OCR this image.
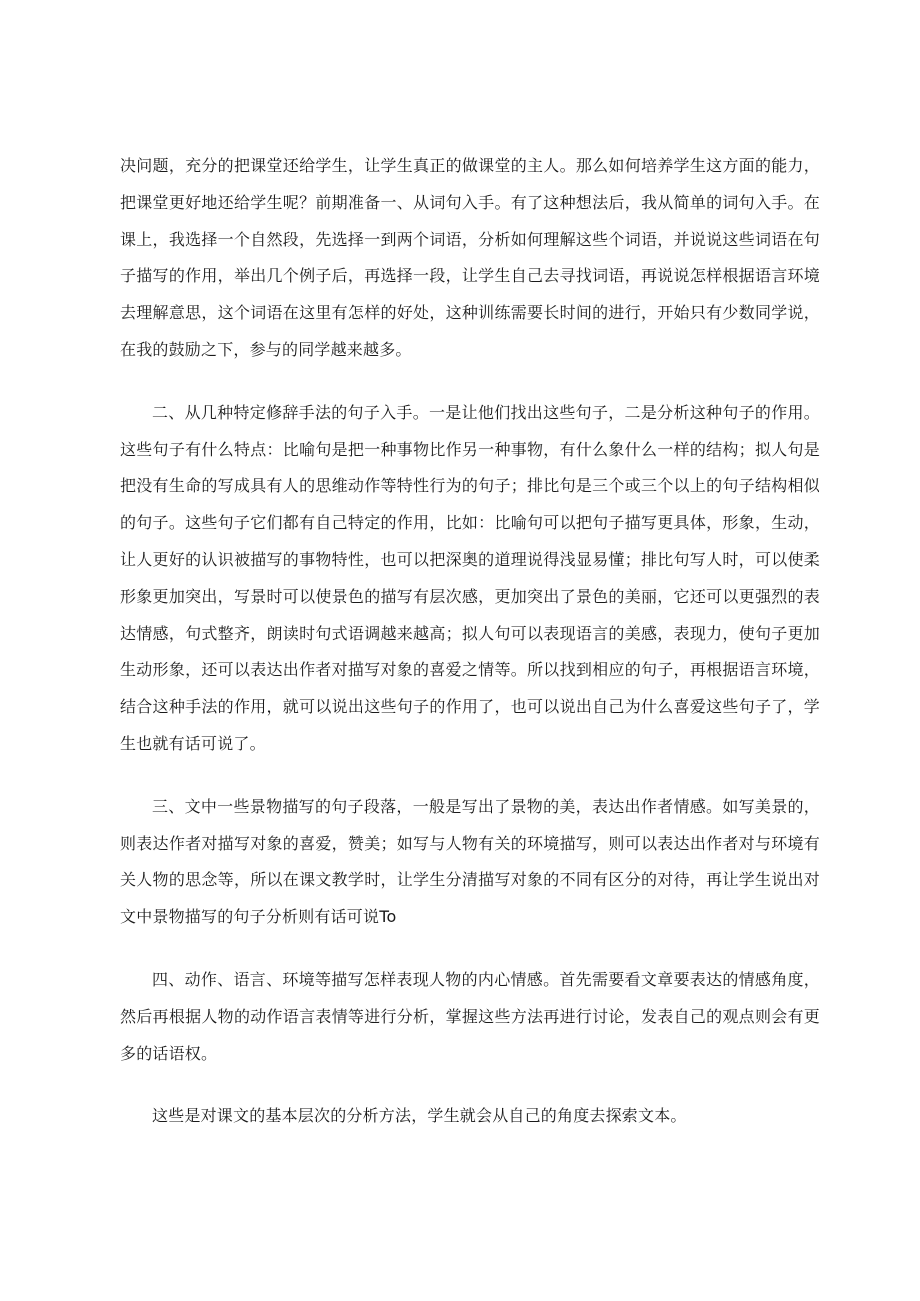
决问题，充分的把课堂还给学生，让学生真正的做课堂的主人。那么如何培养学生这方面的能力，把课堂更好地还给学生呢？前期准备一、从词句入手。有了这种想法后，我从简单的词句入手。在课上，我选择一个自然段，先选择一到两个词语，分析如何理解这些个词语，并说说这些词语在句子描写的作用，举出几个例子后，再选择一段，让学生自己去寻找词语，再说说怎样根据语言环境去理解意思，这个词语在这里有怎样的好处，这种训练需要长时间的进行，开始只有少数同学说，在我的鼓励之下，参与的同学越来越多。

二、从几种特定修辞手法的句子入手。一是让他们找出这些句子，二是分析这种句子的作用。这些句子有什么特点：比喻句是把一种事物比作另一种事物，有什么象什么一样的结构；拟人句是把没有生命的写成具有人的思维动作等特性行为的句子；排比句是三个或三个以上的句子结构相似的句子。这些句子它们都有自己特定的作用，比如：比喻句可以把句子描写更具体，形象，生动，让人更好的认识被描写的事物特性，也可以把深奥的道理说得浅显易懂；排比句写人时，可以使柔形象更加突出，写景时可以使景色的描写有层次感，更加突出了景色的美丽，它还可以更强烈的表达情感，句式整齐，朗读时句式语调越来越高；拟人句可以表现语言的美感，表现力，使句子更加生动形象，还可以表达出作者对描写对象的喜爱之情等。所以找到相应的句子，再根据语言环境，结合这种手法的作用，就可以说出这些句子的作用了，也可以说出自己为什么喜爱这些句子了，学生也就有话可说了。

三、文中一些景物描写的句子段落，一般是写出了景物的美，表达出作者情感。如写美景的，则表达作者对描写对象的喜爱，赞美；如写与人物有关的环境描写，则可以表达出作者对与环境有关人物的思念等，所以在课文教学时，让学生分清描写对象的不同有区分的对待，再让学生说出对文中景物描写的句子分析则有话可说To

四、动作、语言、环境等描写怎样表现人物的内心情感。首先需要看文章要表达的情感角度，然后再根据人物的动作语言表情等进行分析，掌握这些方法再进行讨论，发表自己的观点则会有更多的话语权。

这些是对课文的基本层次的分析方法，学生就会从自己的角度去探索文本。
